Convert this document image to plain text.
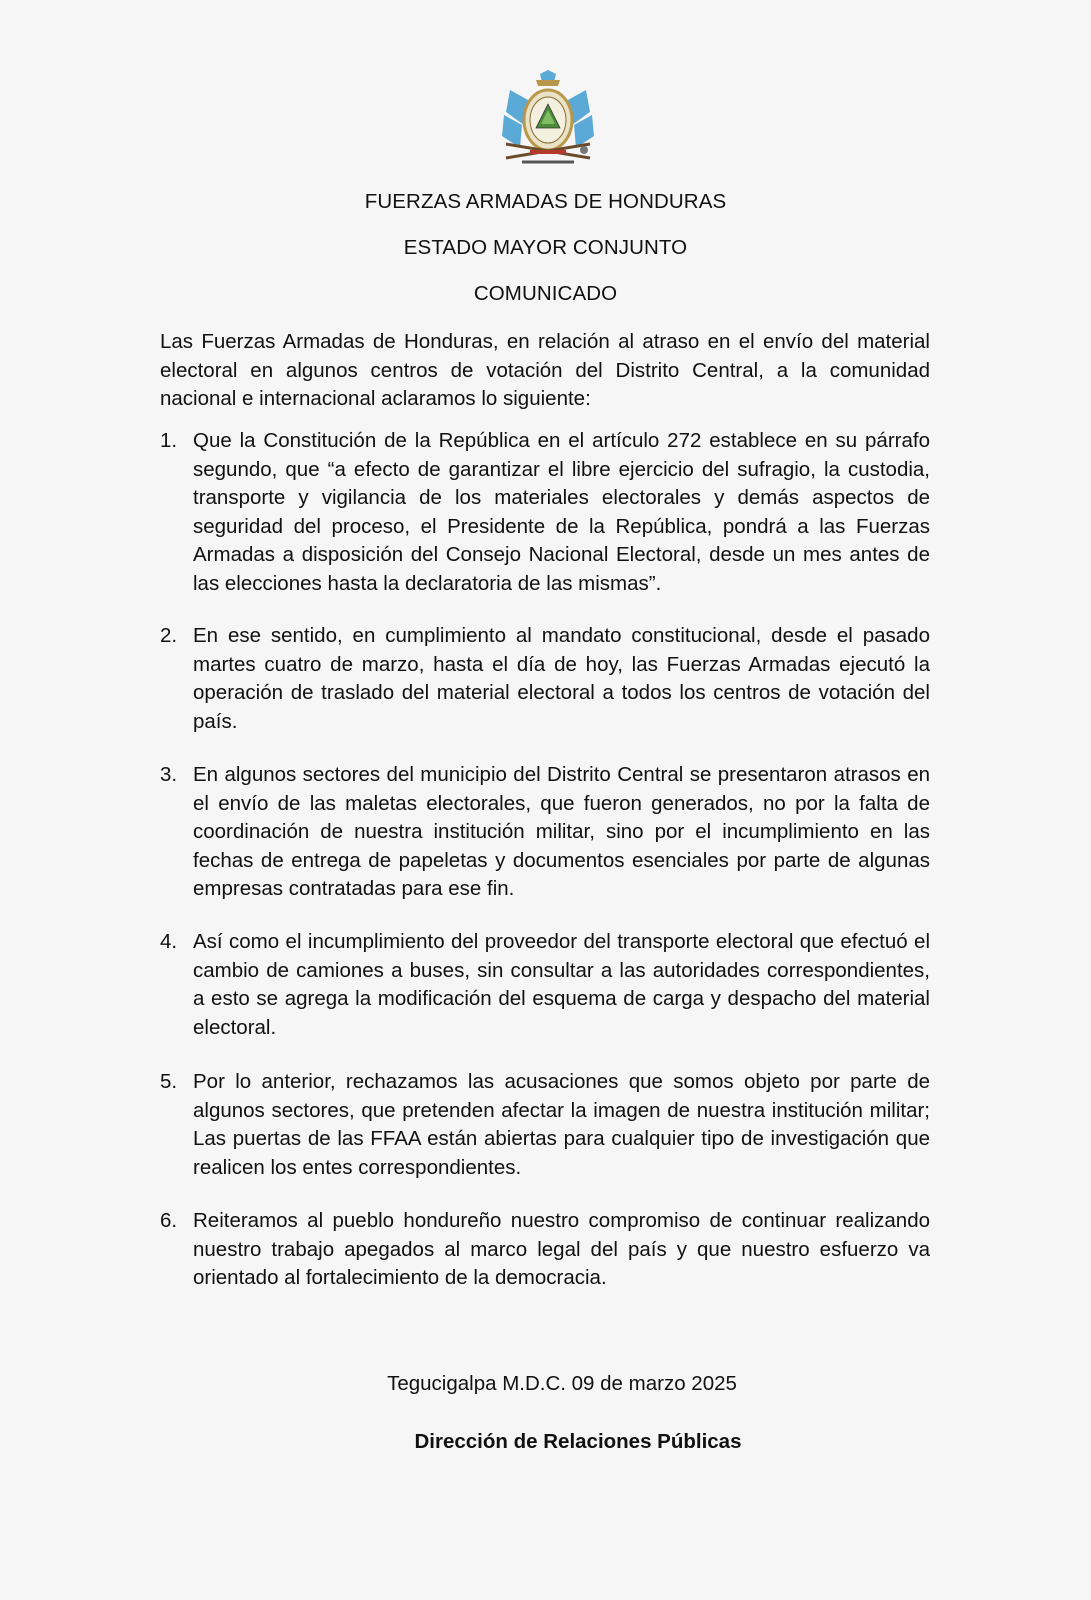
FUERZAS ARMADAS DE HONDURAS
ESTADO MAYOR CONJUNTO
COMUNICADO

Las Fuerzas Armadas de Honduras, en relación al atraso en el envío del material electoral en algunos centros de votación del Distrito Central, a la comunidad nacional e internacional aclaramos lo siguiente:

1. Que la Constitución de la República en el artículo 272 establece en su párrafo segundo, que “a efecto de garantizar el libre ejercicio del sufragio, la custodia, transporte y vigilancia de los materiales electorales y demás aspectos de seguridad del proceso, el Presidente de la República, pondrá a las Fuerzas Armadas a disposición del Consejo Nacional Electoral, desde un mes antes de las elecciones hasta la declaratoria de las mismas”.
2. En ese sentido, en cumplimiento al mandato constitucional, desde el pasado martes cuatro de marzo, hasta el día de hoy, las Fuerzas Armadas ejecutó la operación de traslado del material electoral a todos los centros de votación del país.
3. En algunos sectores del municipio del Distrito Central se presentaron atrasos en el envío de las maletas electorales, que fueron generados, no por la falta de coordinación de nuestra institución militar, sino por el incumplimiento en las fechas de entrega de papeletas y documentos esenciales por parte de algunas empresas contratadas para ese fin.
4. Así como el incumplimiento del proveedor del transporte electoral que efectuó el cambio de camiones a buses, sin consultar a las autoridades correspondientes, a esto se agrega la modificación del esquema de carga y despacho del material electoral.
5. Por lo anterior, rechazamos las acusaciones que somos objeto por parte de algunos sectores, que pretenden afectar la imagen de nuestra institución militar; Las puertas de las FFAA están abiertas para cualquier tipo de investigación que realicen los entes correspondientes.
6. Reiteramos al pueblo hondureño nuestro compromiso de continuar realizando nuestro trabajo apegados al marco legal del país y que nuestro esfuerzo va orientado al fortalecimiento de la democracia.
Tegucigalpa M.D.C. 09 de marzo 2025
Dirección de Relaciones Públicas
